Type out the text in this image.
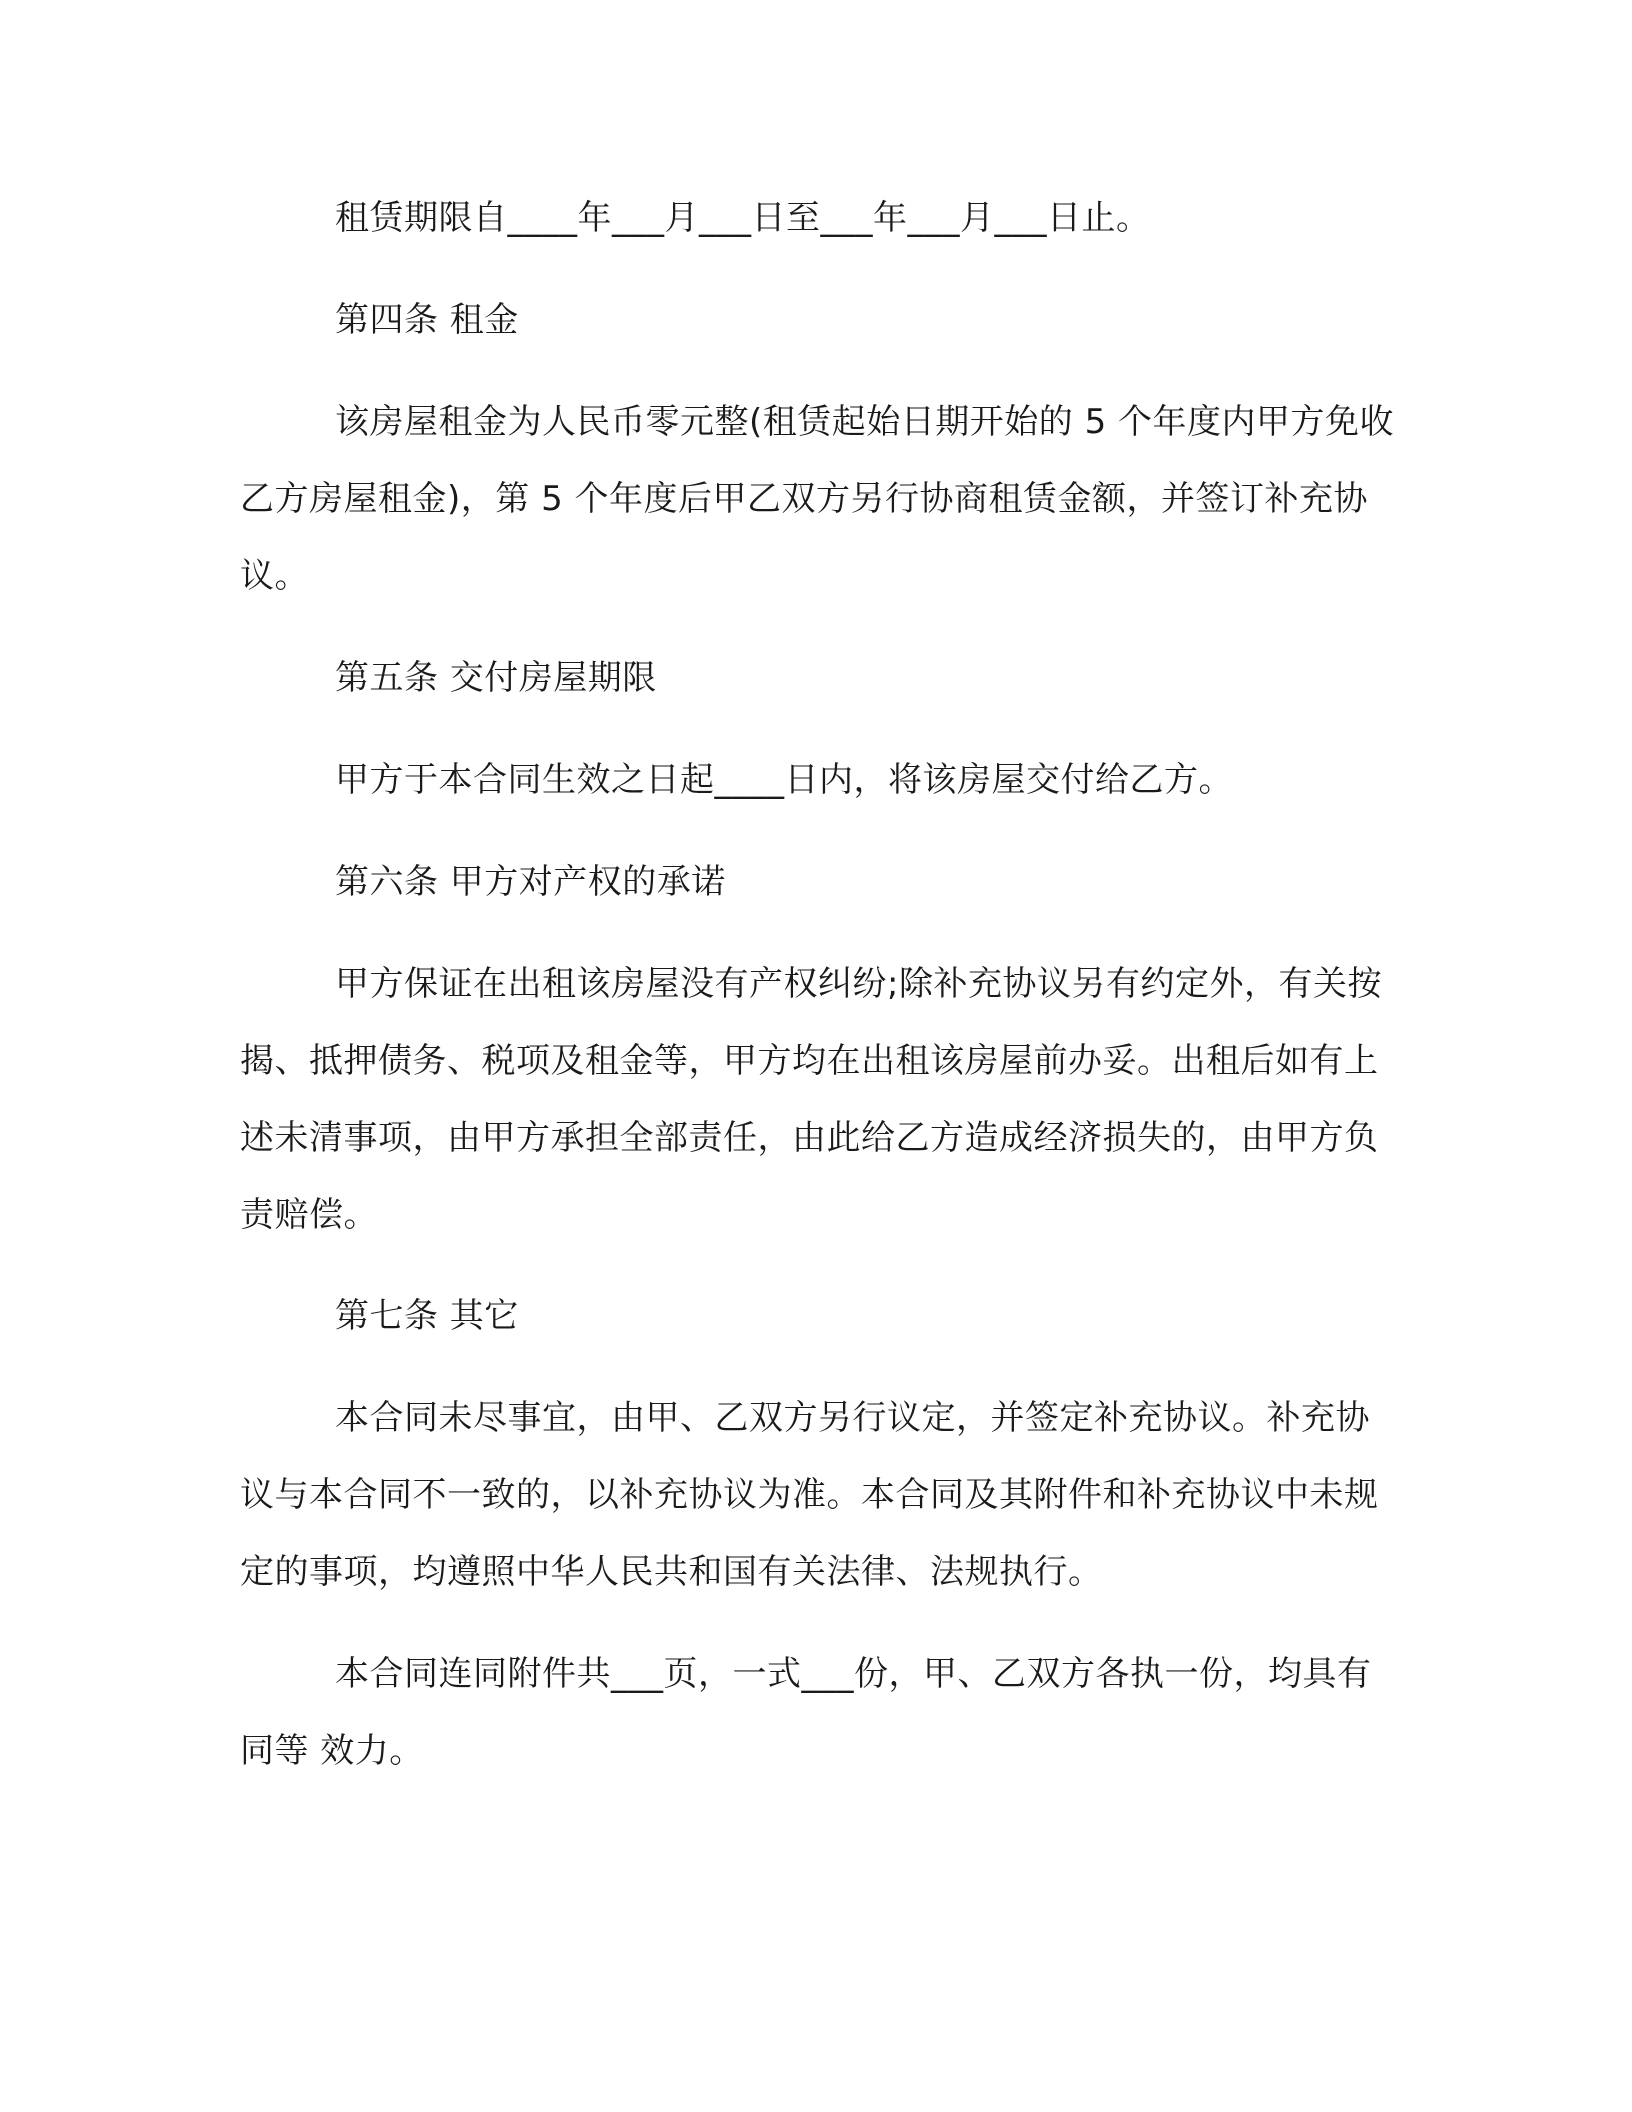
租赁期限自____年___月___日至___年___月___日止。
第四条 租金
该房屋租金为人民币零元整(租赁起始日期开始的 5 个年度内甲方免收乙方房屋租金)，第 5 个年度后甲乙双方另行协商租赁金额，并签订补充协议。
第五条 交付房屋期限
甲方于本合同生效之日起____日内，将该房屋交付给乙方。
第六条 甲方对产权的承诺
甲方保证在出租该房屋没有产权纠纷;除补充协议另有约定外，有关按揭、抵押债务、税项及租金等，甲方均在出租该房屋前办妥。出租后如有上述未清事项，由甲方承担全部责任，由此给乙方造成经济损失的，由甲方负责赔偿。
第七条 其它
本合同未尽事宜，由甲、乙双方另行议定，并签定补充协议。补充协议与本合同不一致的，以补充协议为准。本合同及其附件和补充协议中未规定的事项，均遵照中华人民共和国有关法律、法规执行。
本合同连同附件共___页，一式___份，甲、乙双方各执一份，均具有同等 效力。
